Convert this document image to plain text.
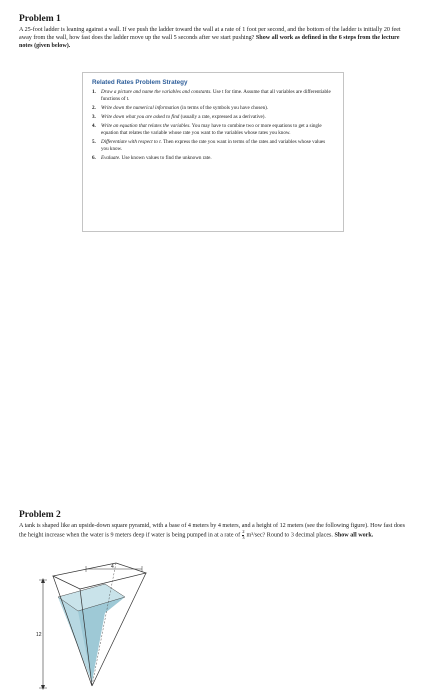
Problem 1

A 25-foot ladder is leaning against a wall. If we push the ladder toward the wall at a rate of 1 foot per second, and the bottom of the ladder is initially 20 feet away from the wall, how fast does the ladder move up the wall 5 seconds after we start pushing? Show all work as defined in the 6 steps from the lecture notes (given below).

Related Rates Problem Strategy
1.	Draw a picture and name the variables and constants. Use t for time. Assume that all variables are differentiable functions of t.
2.	Write down the numerical information (in terms of the symbols you have chosen).
3.	Write down what you are asked to find (usually a rate, expressed as a derivative).
4.	Write an equation that relates the variables. You may have to combine two or more equations to get a single equation that relates the variable whose rate you want to the variables whose rates you know.
5.	Differentiate with respect to t. Then express the rate you want in terms of the rates and variables whose values you know.
6.	Evaluate. Use known values to find the unknown rate.
Problem 2

A tank is shaped like an upside-down square pyramid, with a base of 4 meters by 4 meters, and a height of 12 meters (see the following figure). How fast does the height increase when the water is 9 meters deep if water is being pumped in at a rate of $\frac{2}{3} m^3/\sec$? Round to 3 decimal places. Show all work.

4
12
